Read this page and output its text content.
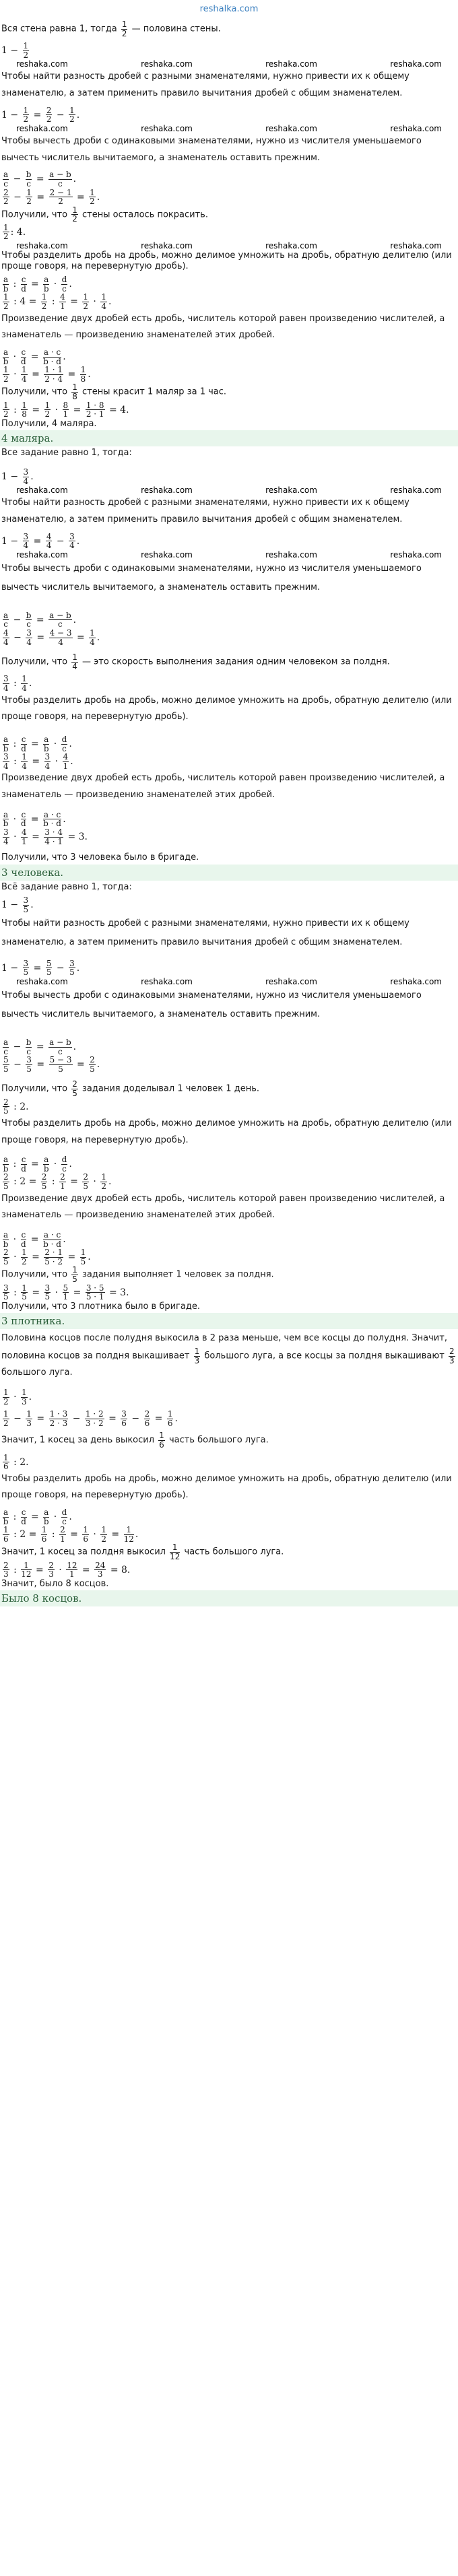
reshalka.com

Вся стена равна 1, тогда $\frac{1}{2}$ — половина стены.

$1 - \frac{1}{2}$
reshaka.com	reshaka.com	reshaka.com	reshaka.com

Чтобы найти разность дробей с разными знаменателями, нужно привести их к общему знаменателю, а затем применить правило вычитания дробей с общим знаменателем.

$1 - \frac{1}{2} = \frac{2}{2} - \frac{1}{2}$ .
reshaka.com	reshaka.com	reshaka.com	reshaka.com

Чтобы вычесть дроби с одинаковыми знаменателями, нужно из числителя уменьшаемого вычесть числитель вычитаемого, а знаменатель оставить прежним.

$\frac{a}{c} - \frac{b}{c} = \frac{a - b}{c}$ .
$\frac{2}{2} - \frac{1}{2} = \frac{2 - 1}{2} = \frac{1}{2}$ .

Получили, что $\frac{1}{2}$ стены осталось покрасить.

$\frac{1}{2}$ : 4.
reshaka.com	reshaka.com	reshaka.com	reshaka.com

Чтобы разделить дробь на дробь, можно делимое умножить на дробь, обратную делителю (или проще говоря, на перевернутую дробь).

$\frac{a}{b}$ : $\frac{c}{d} = \frac{a}{b} \cdot \frac{d}{c}$ .
$\frac{1}{2}$ : $4 = \frac{1}{2}$ : $\frac{4}{1} = \frac{1}{2} \cdot \frac{1}{4}$ .

Произведение двух дробей есть дробь, числитель которой равен произведению числителей, а знаменатель — произведению знаменателей этих дробей.

$\frac{a}{b} \cdot \frac{c}{d} = \frac{a \cdot c}{b \cdot d}$ .
$\frac{1}{2} \cdot \frac{1}{4} = \frac{1 \cdot 1}{2 \cdot 4} = \frac{1}{8}$ .

Получили, что $\frac{1}{8}$ стены красит 1 маляр за 1 час.

$\frac{1}{2}$ : $\frac{1}{8} = \frac{1}{2} \cdot \frac{8}{1} = \frac{1 \cdot 8}{2 \cdot 1} = 4$.

Получили, 4 маляра.

4 маляра.

Все задание равно 1, тогда:

$1 - \frac{3}{4}$ .
reshaka.com	reshaka.com	reshaka.com	reshaka.com

Чтобы найти разность дробей с разными знаменателями, нужно привести их к общему знаменателю, а затем применить правило вычитания дробей с общим знаменателем.

$1 - \frac{3}{4} = \frac{4}{4} - \frac{3}{4}$ .
reshaka.com	reshaka.com	reshaka.com	reshaka.com

Чтобы вычесть дроби с одинаковыми знаменателями, нужно из числителя уменьшаемого вычесть числитель вычитаемого, а знаменатель оставить прежним.

$\frac{a}{c} - \frac{b}{c} = \frac{a - b}{c}$ .
$\frac{4}{4} - \frac{3}{4} = \frac{4 - 3}{4} = \frac{1}{4}$ .

Получили, что $\frac{1}{4}$ — это скорость выполнения задания одним человеком за полдня.

$\frac{3}{4}$ : $\frac{1}{4}$ .

Чтобы разделить дробь на дробь, можно делимое умножить на дробь, обратную делителю (или проще говоря, на перевернутую дробь).

$\frac{a}{b}$ : $\frac{c}{d} = \frac{a}{b} \cdot \frac{d}{c}$ .
$\frac{3}{4}$ : $\frac{1}{4} = \frac{3}{4} \cdot \frac{4}{1}$ .

Произведение двух дробей есть дробь, числитель которой равен произведению числителей, а знаменатель — произведению знаменателей этих дробей.

$\frac{a}{b} \cdot \frac{c}{d} = \frac{a \cdot c}{b \cdot d}$ .
$\frac{3}{4} \cdot \frac{4}{1} = \frac{3 \cdot 4}{4 \cdot 1} = 3$.

Получили, что 3 человека было в бригаде.

3 человека.

Всё задание равно 1, тогда:

$1 - \frac{3}{5}$ .

Чтобы найти разность дробей с разными знаменателями, нужно привести их к общему знаменателю, а затем применить правило вычитания дробей с общим знаменателем.

$1 - \frac{3}{5} = \frac{5}{5} - \frac{3}{5}$ .
reshaka.com	reshaka.com	reshaka.com	reshaka.com

Чтобы вычесть дроби с одинаковыми знаменателями, нужно из числителя уменьшаемого вычесть числитель вычитаемого, а знаменатель оставить прежним.

$\frac{a}{c} - \frac{b}{c} = \frac{a - b}{c}$ .
$\frac{5}{5} - \frac{3}{5} = \frac{5 - 3}{5} = \frac{2}{5}$ .

Получили, что $\frac{2}{5}$ задания доделывал 1 человек 1 день.

$\frac{2}{5}$ : 2.

Чтобы разделить дробь на дробь, можно делимое умножить на дробь, обратную делителю (или проще говоря, на перевернутую дробь).

$\frac{a}{b}$ : $\frac{c}{d} = \frac{a}{b} \cdot \frac{d}{c}$ .
$\frac{2}{5}$ : $2 = \frac{2}{5}$ : $\frac{2}{1} = \frac{2}{5} \cdot \frac{1}{2}$ .

Произведение двух дробей есть дробь, числитель которой равен произведению числителей, а знаменатель — произведению знаменателей этих дробей.

$\frac{a}{b} \cdot \frac{c}{d} = \frac{a \cdot c}{b \cdot d}$ .
$\frac{2}{5} \cdot \frac{1}{2} = \frac{2 \cdot 1}{5 \cdot 2} = \frac{1}{5}$ .

Получили, что $\frac{1}{5}$ задания выполняет 1 человек за полдня.

$\frac{3}{5}$ : $\frac{1}{5} = \frac{3}{5} \cdot \frac{5}{1} = \frac{3 \cdot 5}{5 \cdot 1} = 3$.

Получили, что 3 плотника было в бригаде.

3 плотника.

Половина косцов после полудня выкосила в 2 раза меньше, чем все косцы до полудня. Значит, половина косцов за полдня выкашивает $\frac{1}{3}$ большого луга, а все косцы за полдня выкашивают $\frac{2}{3}$
большого луга.

$\frac{1}{2} \cdot \frac{1}{3}$ .
$\frac{1}{2} - \frac{1}{3} = \frac{1 \cdot 3}{2 \cdot 3} - \frac{1 \cdot 2}{3 \cdot 2} = \frac{3}{6} - \frac{2}{6} = \frac{1}{6}$ .

Значит, 1 косец за день выкосил $\frac{1}{6}$ часть большого луга.

$\frac{1}{6}$ : 2.

Чтобы разделить дробь на дробь, можно делимое умножить на дробь, обратную делителю (или проще говоря, на перевернутую дробь).

$\frac{a}{b}$ : $\frac{c}{d} = \frac{a}{b} \cdot \frac{d}{c}$ .
$\frac{1}{6}$ : $2 = \frac{1}{6}$ : $\frac{2}{1} = \frac{1}{6} \cdot \frac{1}{2} = \frac{1}{12}$ .

Значит, 1 косец за полдня выкосил $\frac{1}{12}$ часть большого луга.

$\frac{2}{3}$ : $\frac{1}{12} = \frac{2}{3} \cdot \frac{12}{1} = \frac{24}{3} = 8$.

Значит, было 8 косцов.

Было 8 косцов.
